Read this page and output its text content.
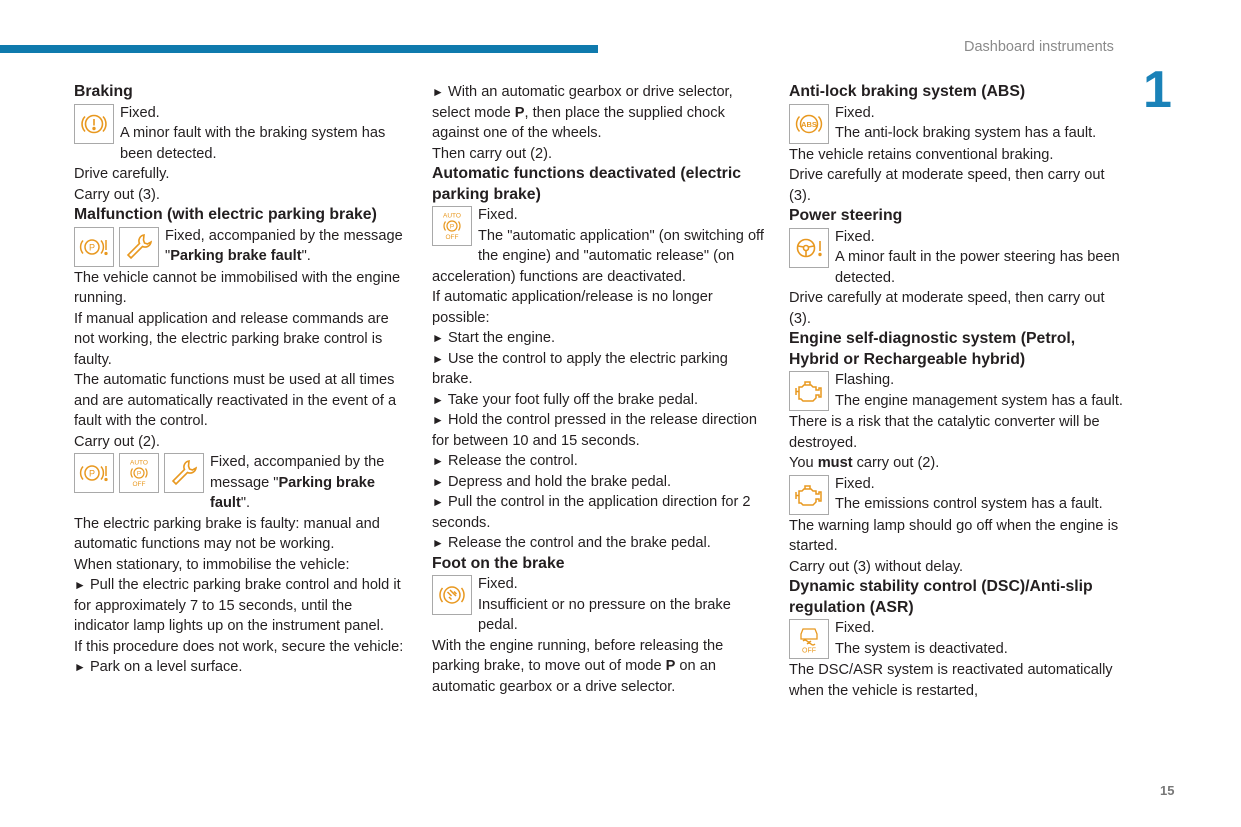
Dashboard instruments
1
15
Braking

Fixed.

A minor fault with the braking system has been detected.

Drive carefully.

Carry out (3).

Malfunction (with electric parking brake)
P

Fixed, accompanied by the message "Parking brake fault".

The vehicle cannot be immobilised with the engine running.

If manual application and release commands are not working, the electric parking brake control is faulty.

The automatic functions must be used at all times and are automatically reactivated in the event of a fault with the control.

Carry out (2).

P
AUTO
P
OFF

Fixed, accompanied by the message "Parking brake fault".

The electric parking brake is faulty: manual and automatic functions may not be working.

When stationary, to immobilise the vehicle:

► Pull the electric parking brake control and hold it for approximately 7 to 15 seconds, until the indicator lamp lights up on the instrument panel.

If this procedure does not work, secure the vehicle:

► Park on a level surface.

► With an automatic gearbox or drive selector, select mode P, then place the supplied chock against one of the wheels.

Then carry out (2).

Automatic functions deactivated (electric parking brake)
AUTO
P
OFF

Fixed.

The "automatic application" (on switching off the engine) and "automatic release" (on acceleration) functions are deactivated.

If automatic application/release is no longer possible:

► Start the engine.

► Use the control to apply the electric parking brake.

► Take your foot fully off the brake pedal.

► Hold the control pressed in the release direction for between 10 and 15 seconds.

► Release the control.

► Depress and hold the brake pedal.

► Pull the control in the application direction for 2 seconds.

► Release the control and the brake pedal.

Foot on the brake

Fixed.

Insufficient or no pressure on the brake pedal.

With the engine running, before releasing the parking brake, to move out of mode P on an automatic gearbox or a drive selector.

Anti-lock braking system (ABS)
ABS

Fixed.

The anti-lock braking system has a fault.

The vehicle retains conventional braking.

Drive carefully at moderate speed, then carry out (3).

Power steering

Fixed.

A minor fault in the power steering has been detected.

Drive carefully at moderate speed, then carry out (3).

Engine self-diagnostic system (Petrol, Hybrid or Rechargeable hybrid)

Flashing.

The engine management system has a fault.

There is a risk that the catalytic converter will be destroyed.

You must carry out (2).

Fixed.

The emissions control system has a fault.

The warning lamp should go off when the engine is started.

Carry out (3) without delay.

Dynamic stability control (DSC)/Anti-slip regulation (ASR)
OFF

Fixed.

The system is deactivated.

The DSC/ASR system is reactivated automatically when the vehicle is restarted,
